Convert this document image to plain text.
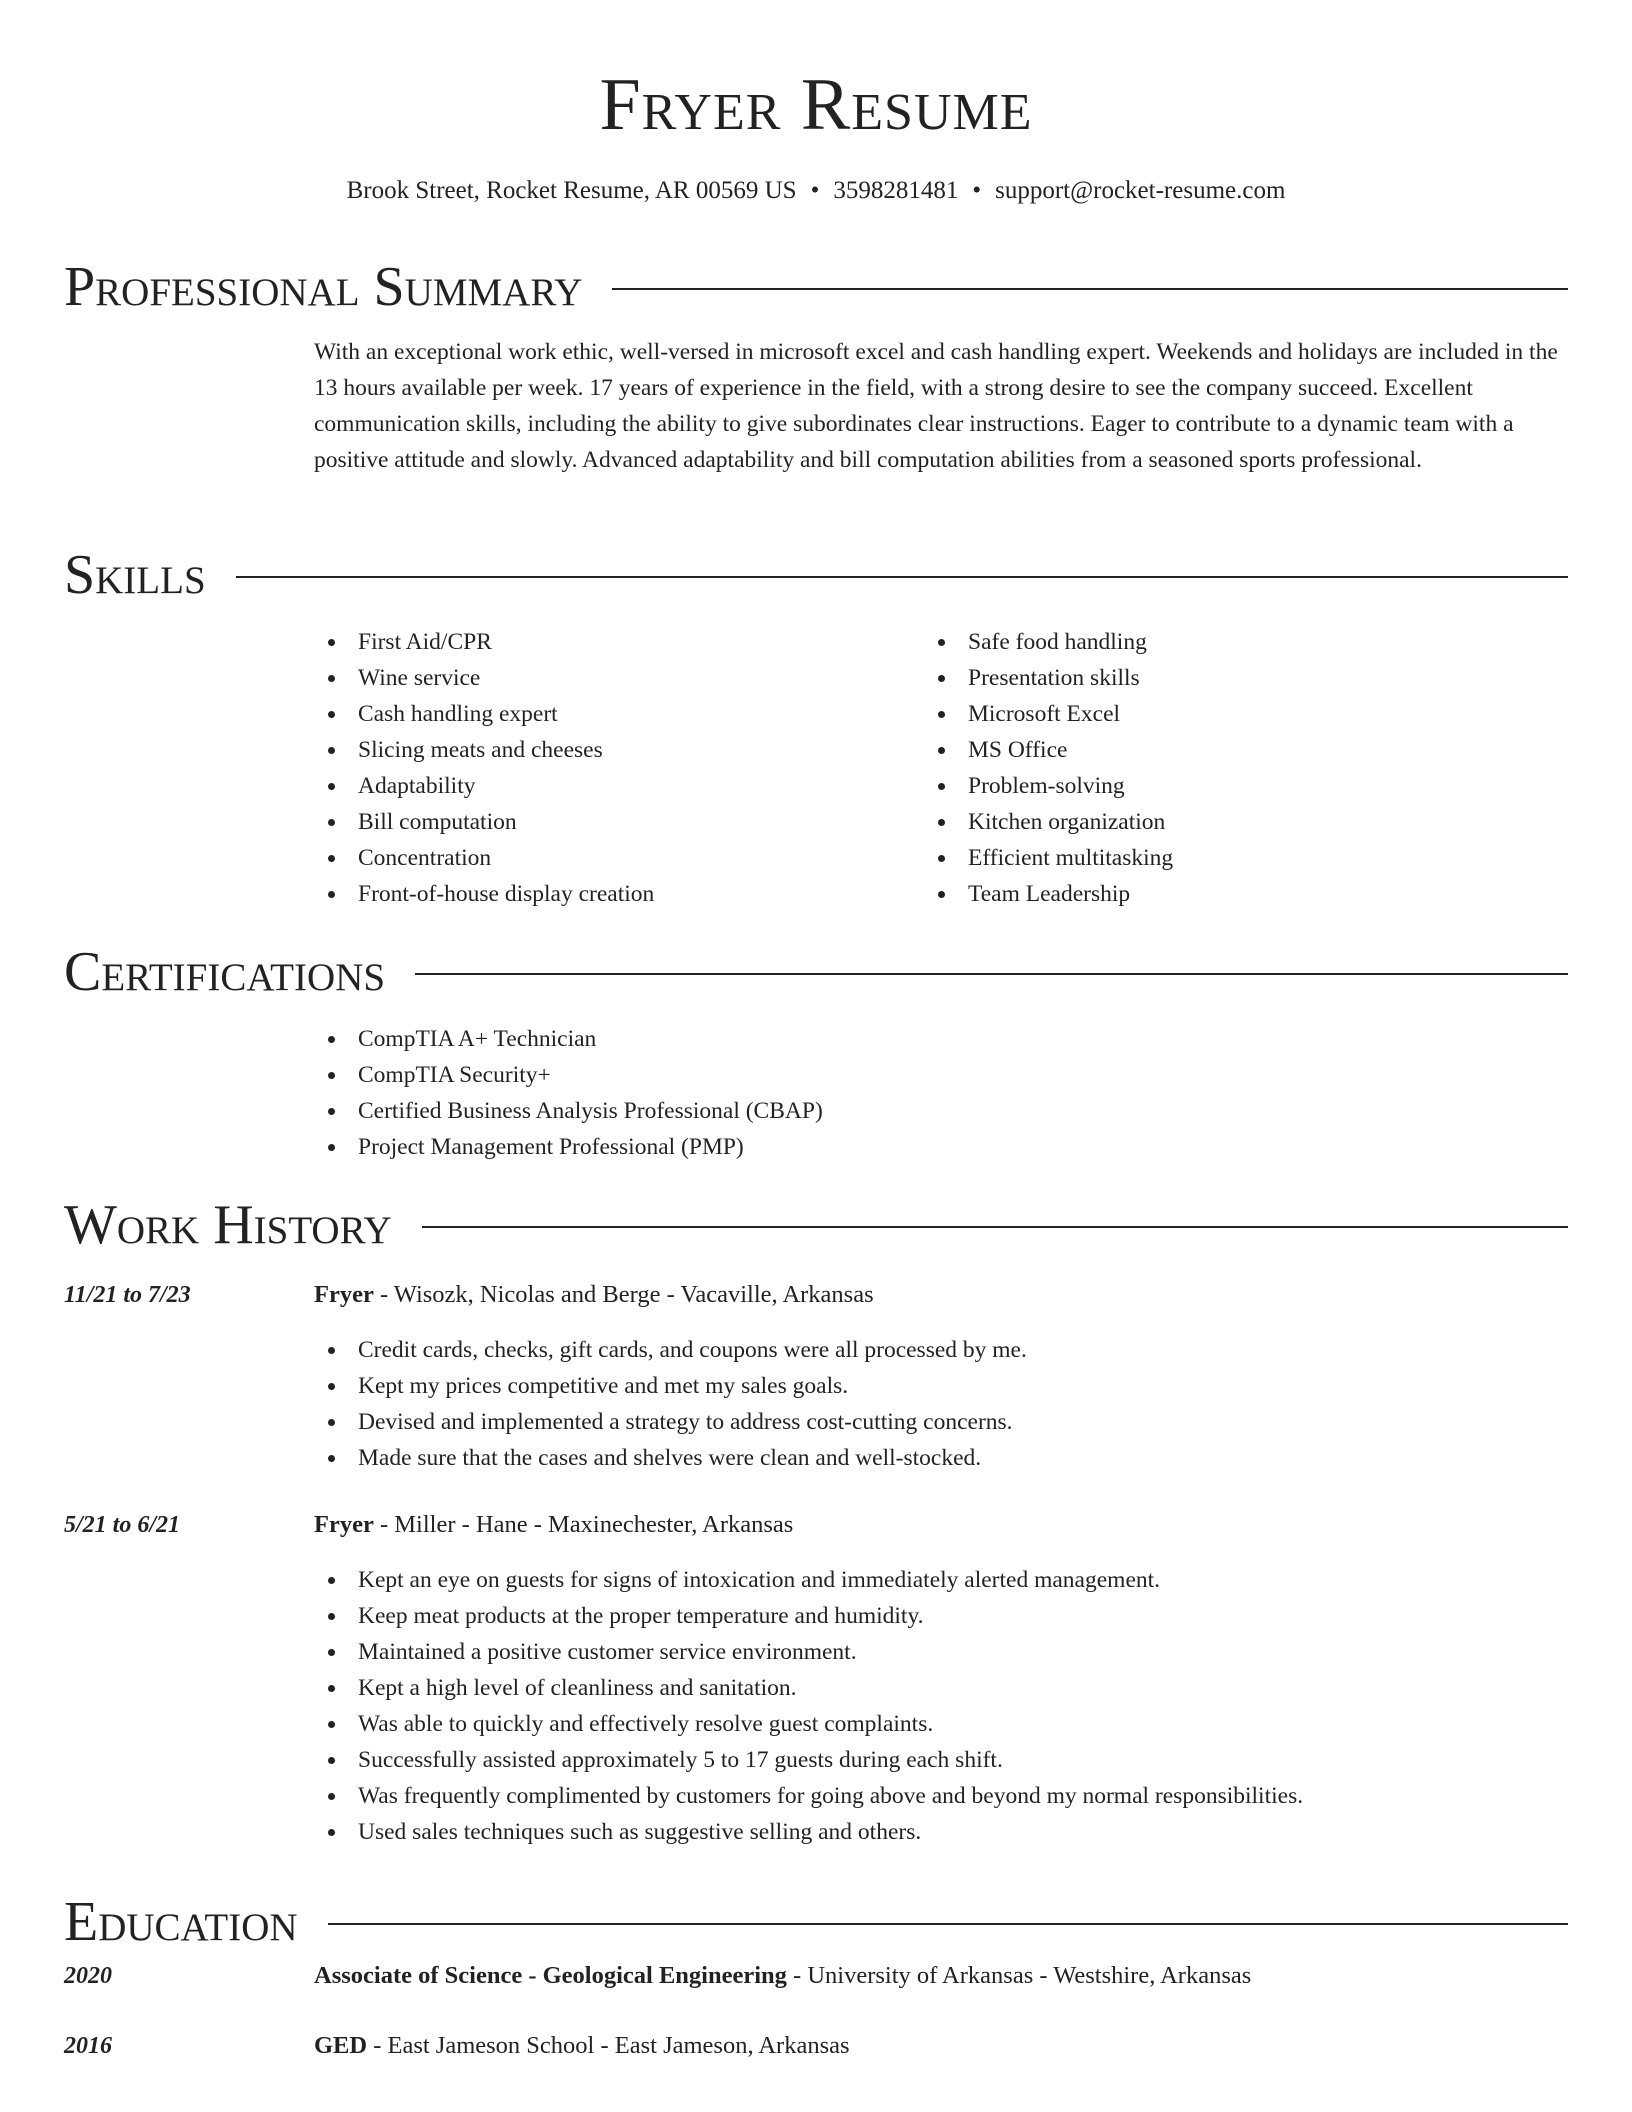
Fryer Resume
Brook Street, Rocket Resume, AR 00569 US • 3598281481 • support@rocket-resume.com
Professional Summary
With an exceptional work ethic, well-versed in microsoft excel and cash handling expert. Weekends and holidays are included in the 13 hours available per week. 17 years of experience in the field, with a strong desire to see the company succeed. Excellent communication skills, including the ability to give subordinates clear instructions. Eager to contribute to a dynamic team with a positive attitude and slowly. Advanced adaptability and bill computation abilities from a seasoned sports professional.
Skills
First Aid/CPR
Wine service
Cash handling expert
Slicing meats and cheeses
Adaptability
Bill computation
Concentration
Front-of-house display creation
Safe food handling
Presentation skills
Microsoft Excel
MS Office
Problem-solving
Kitchen organization
Efficient multitasking
Team Leadership
Certifications
CompTIA A+ Technician
CompTIA Security+
Certified Business Analysis Professional (CBAP)
Project Management Professional (PMP)
Work History
11/21 to 7/23	Fryer - Wisozk, Nicolas and Berge - Vacaville, Arkansas
Credit cards, checks, gift cards, and coupons were all processed by me.
Kept my prices competitive and met my sales goals.
Devised and implemented a strategy to address cost-cutting concerns.
Made sure that the cases and shelves were clean and well-stocked.
5/21 to 6/21	Fryer - Miller - Hane - Maxinechester, Arkansas
Kept an eye on guests for signs of intoxication and immediately alerted management.
Keep meat products at the proper temperature and humidity.
Maintained a positive customer service environment.
Kept a high level of cleanliness and sanitation.
Was able to quickly and effectively resolve guest complaints.
Successfully assisted approximately 5 to 17 guests during each shift.
Was frequently complimented by customers for going above and beyond my normal responsibilities.
Used sales techniques such as suggestive selling and others.
Education
2020	Associate of Science - Geological Engineering - University of Arkansas - Westshire, Arkansas
2016	GED - East Jameson School - East Jameson, Arkansas
